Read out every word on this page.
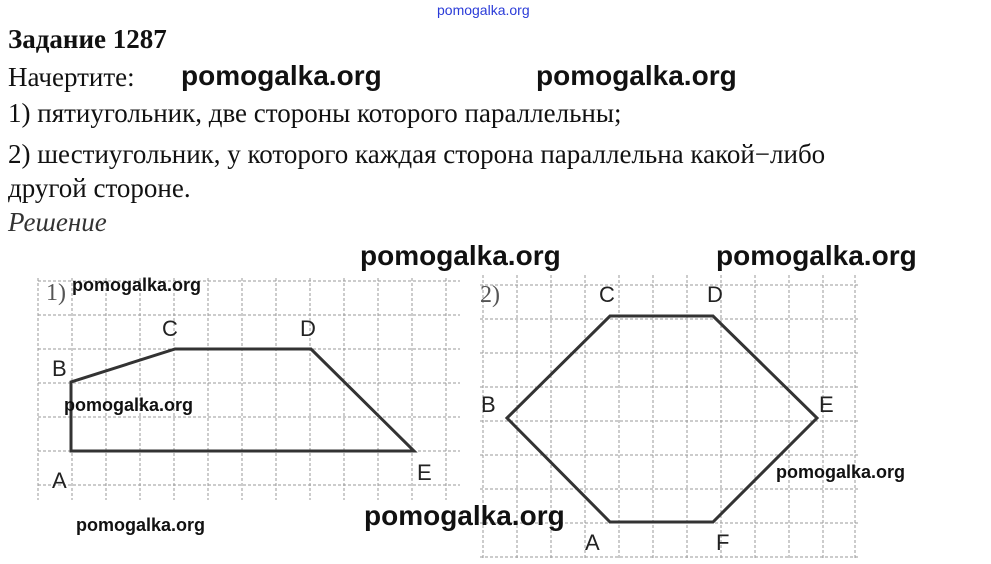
pomogalka.org
Задание 1287
Начертите:
1) пятиугольник, две стороны которого параллельны;
2) шестиугольник, у которого каждая сторона параллельна какой−либо
другой стороне.
Решение
1)	2)
A
B
C	D
E
A
B
C	D
E
F
pomogalka.org	pomogalka.org
pomogalka.org	pomogalka.org
pomogalka.org
pomogalka.org
pomogalka.org
pomogalka.org
pomogalka.org
